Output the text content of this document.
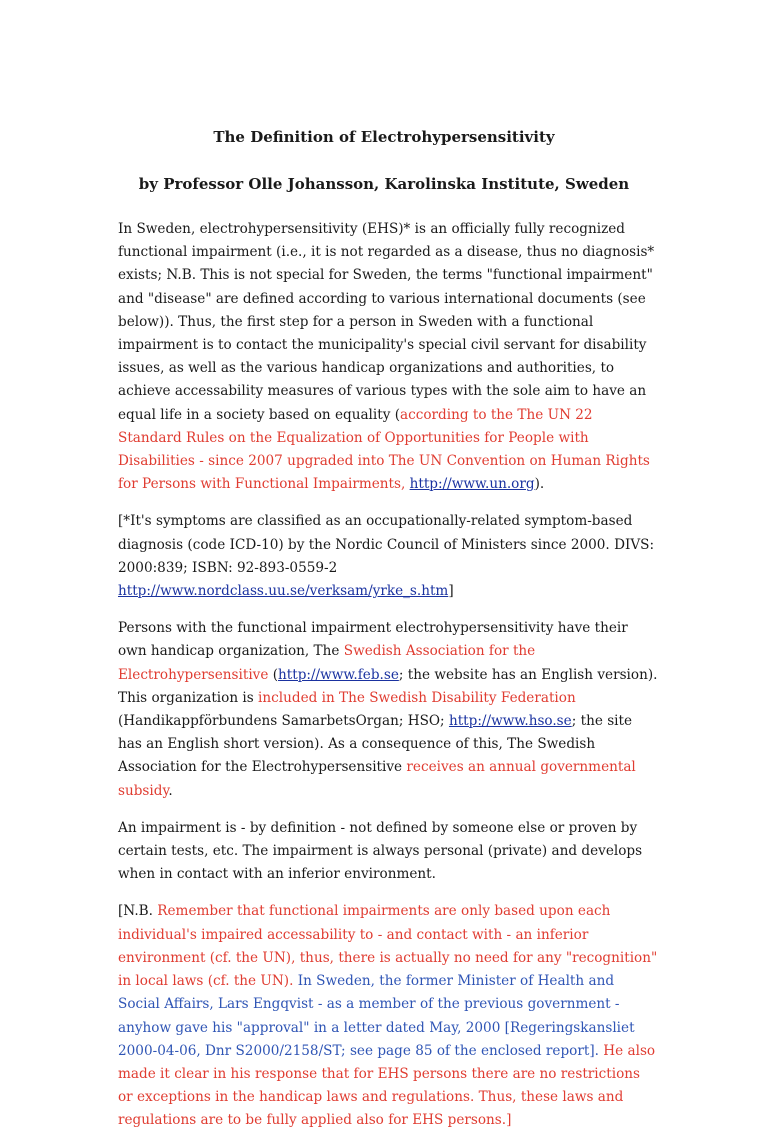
The Definition of Electrohypersensitivity
by Professor Olle Johansson, Karolinska Institute, Sweden

In Sweden, electrohypersensitivity (EHS)* is an officially fully recognized functional impairment (i.e., it is not regarded as a disease, thus no diagnosis* exists; N.B. This is not special for Sweden, the terms "functional impairment" and "disease" are defined according to various international documents (see below)). Thus, the first step for a person in Sweden with a functional impairment is to contact the municipality's special civil servant for disability issues, as well as the various handicap organizations and authorities, to achieve accessability measures of various types with the sole aim to have an equal life in a society based on equality (according to the The UN 22 Standard Rules on the Equalization of Opportunities for People with Disabilities - since 2007 upgraded into The UN Convention on Human Rights for Persons with Functional Impairments, http://www.un.org).

[*It's symptoms are classified as an occupationally-related symptom-based diagnosis (code ICD-10) by the Nordic Council of Ministers since 2000. DIVS: 2000:839; ISBN: 92-893-0559-2 http://www.nordclass.uu.se/verksam/yrke_s.htm]

Persons with the functional impairment electrohypersensitivity have their own handicap organization, The Swedish Association for the Electrohypersensitive (http://www.feb.se; the website has an English version). This organization is included in The Swedish Disability Federation (Handikappförbundens SamarbetsOrgan; HSO; http://www.hso.se; the site has an English short version). As a consequence of this, The Swedish Association for the Electrohypersensitive receives an annual governmental subsidy.

An impairment is - by definition - not defined by someone else or proven by certain tests, etc. The impairment is always personal (private) and develops when in contact with an inferior environment.

[N.B. Remember that functional impairments are only based upon each individual's impaired accessability to - and contact with - an inferior environment (cf. the UN), thus, there is actually no need for any "recognition" in local laws (cf. the UN). In Sweden, the former Minister of Health and Social Affairs, Lars Engqvist - as a member of the previous government - anyhow gave his "approval" in a letter dated May, 2000 [Regeringskansliet 2000-04-06, Dnr S2000/2158/ST; see page 85 of the enclosed report]. He also made it clear in his response that for EHS persons there are no restrictions or exceptions in the handicap laws and regulations. Thus, these laws and regulations are to be fully applied also for EHS persons.]
